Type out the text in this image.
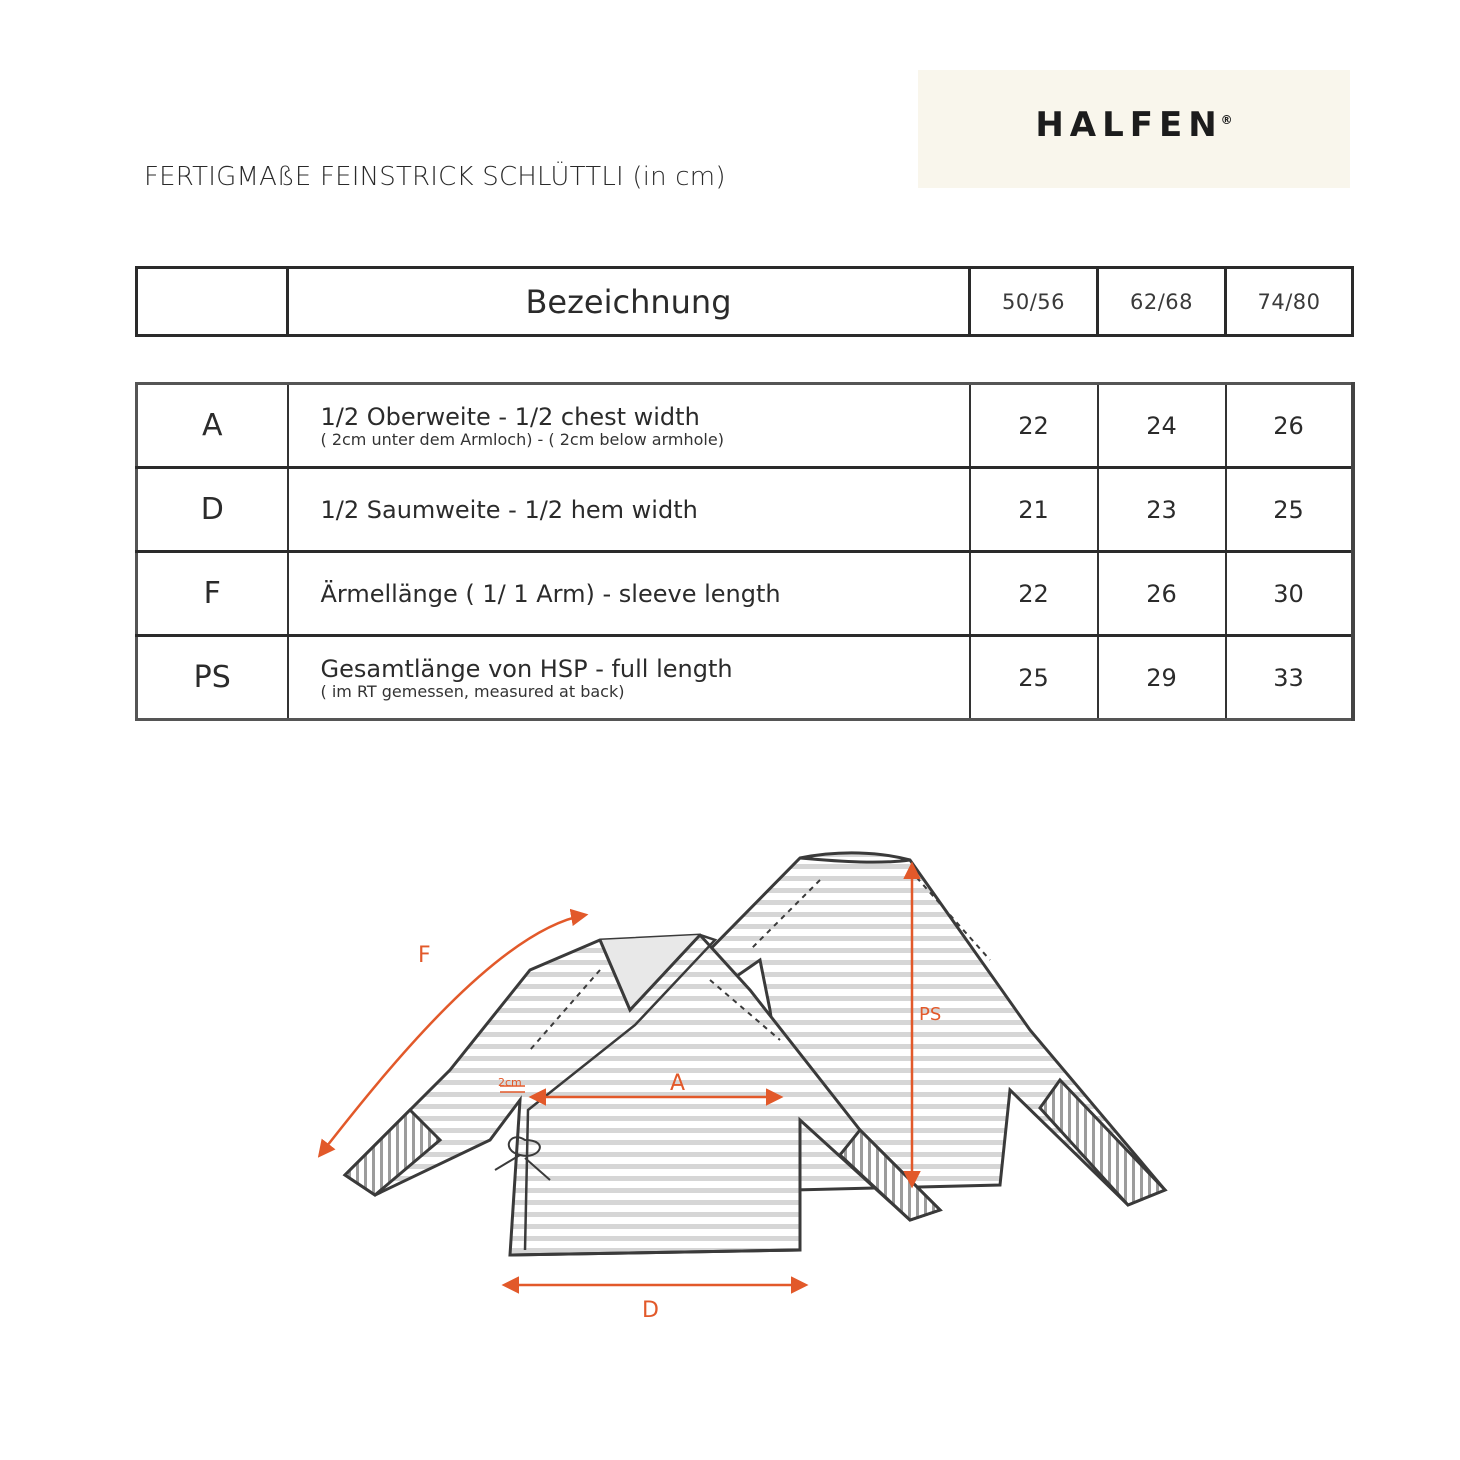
HALFEN®
FERTIGMAßE FEINSTRICK SCHLÜTTLI (in cm)
	Bezeichnung	50/56	62/68	74/80
A	1/2 Oberweite - 1/2 chest width
( 2cm unter dem Armloch) - ( 2cm below armhole)	22	24	26
D	1/2 Saumweite - 1/2 hem width	21	23	25
F	Ärmellänge ( 1/ 1 Arm) - sleeve length	22	26	30
PS	Gesamtlänge von HSP - full length
( im RT gemessen, measured at back)	25	29	33
F
A
D
PS
2cm
